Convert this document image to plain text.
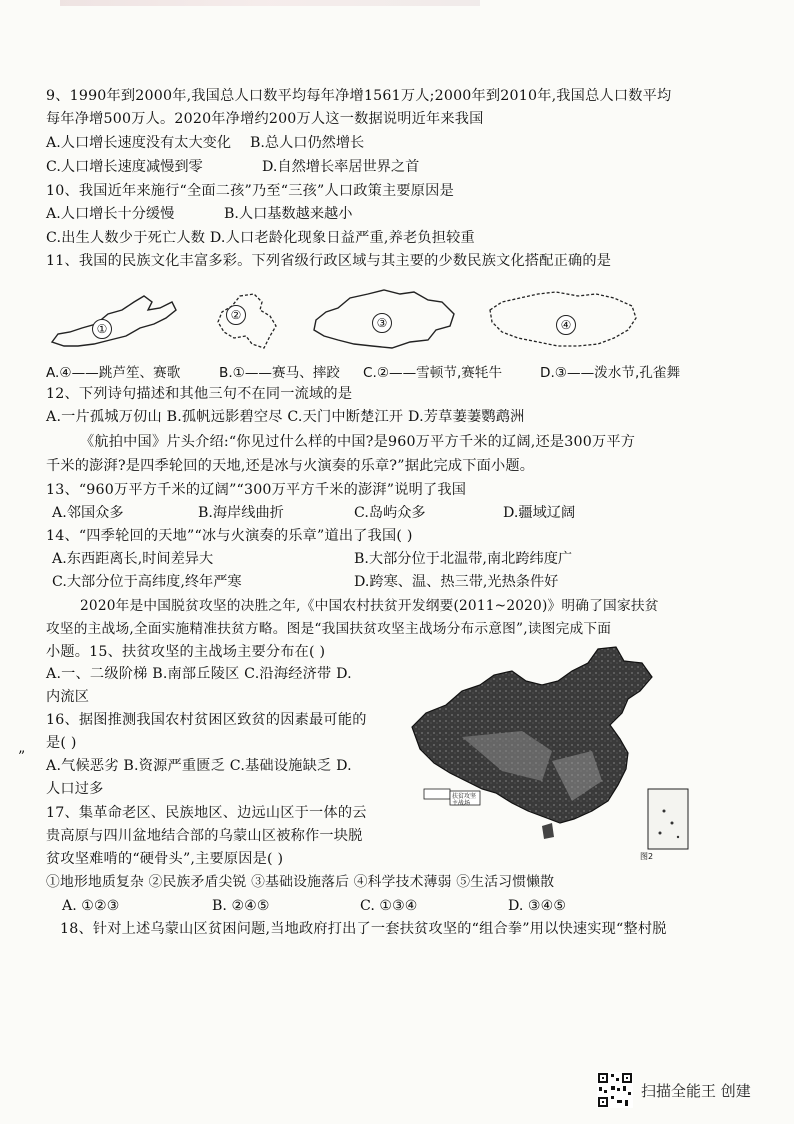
9、1990年到2000年,我国总人口数平均每年净增1561万人;2000年到2010年,我国总人口数平均
每年净增500万人。2020年净增约200万人这一数据说明近年来我国
A.人口增长速度没有太大变化 B.总人口仍然增长
C.人口增长速度减慢到零	D.自然增长率居世界之首
10、我国近年来施行“全面二孩”乃至“三孩”人口政策主要原因是
A.人口增长十分缓慢	B.人口基数越来越小
C.出生人数少于死亡人数 D.人口老龄化现象日益严重,养老负担较重
11、我国的民族文化丰富多彩。下列省级行政区域与其主要的少数民族文化搭配正确的是
①
②
③	④
A.④——跳芦笙、赛歌	B.①——赛马、摔跤 C.②——雪顿节,赛牦牛	D.③——泼水节,孔雀舞
12、下列诗句描述和其他三句不在同一流域的是
A.一片孤城万仞山 B.孤帆远影碧空尽 C.天门中断楚江开 D.芳草萋萋鹦鹉洲
《航拍中国》片头介绍:“你见过什么样的中国?是960万平方千米的辽阔,还是300万平方
千米的澎湃?是四季轮回的天地,还是冰与火演奏的乐章?”据此完成下面小题。
13、“960万平方千米的辽阔”“300万平方千米的澎湃”说明了我国
A.邻国众多	B.海岸线曲折	C.岛屿众多	D.疆域辽阔
14、“四季轮回的天地”“冰与火演奏的乐章”道出了我国( )
A.东西距离长,时间差异大	B.大部分位于北温带,南北跨纬度广
C.大部分位于高纬度,终年严寒	D.跨寒、温、热三带,光热条件好
2020年是中国脱贫攻坚的决胜之年,《中国农村扶贫开发纲要(2011~2020)》明确了国家扶贫
攻坚的主战场,全面实施精准扶贫方略。图是“我国扶贫攻坚主战场分布示意图”,读图完成下面
小题。15、扶贫攻坚的主战场主要分布在( )
A.一、二级阶梯 B.南部丘陵区 C.沿海经济带 D.
内流区
16、据图推测我国农村贫困区致贫的因素最可能的
是( )
A.气候恶劣 B.资源严重匮乏 C.基础设施缺乏 D.
人口过多
”
17、集革命老区、民族地区、边远山区于一体的云
贵高原与四川盆地结合部的乌蒙山区被称作一块脱
贫攻坚难啃的“硬骨头”,主要原因是( )
①地形地质复杂 ②民族矛盾尖锐 ③基础设施落后 ④科学技术薄弱 ⑤生活习惯懒散
A. ①②③	B. ②④⑤	C. ①③④	D. ③④⑤
18、针对上述乌蒙山区贫困问题,当地政府打出了一套扶贫攻坚的“组合拳”用以快速实现“整村脱
扶贫攻坚主战场
图2
扫描全能王 创建
